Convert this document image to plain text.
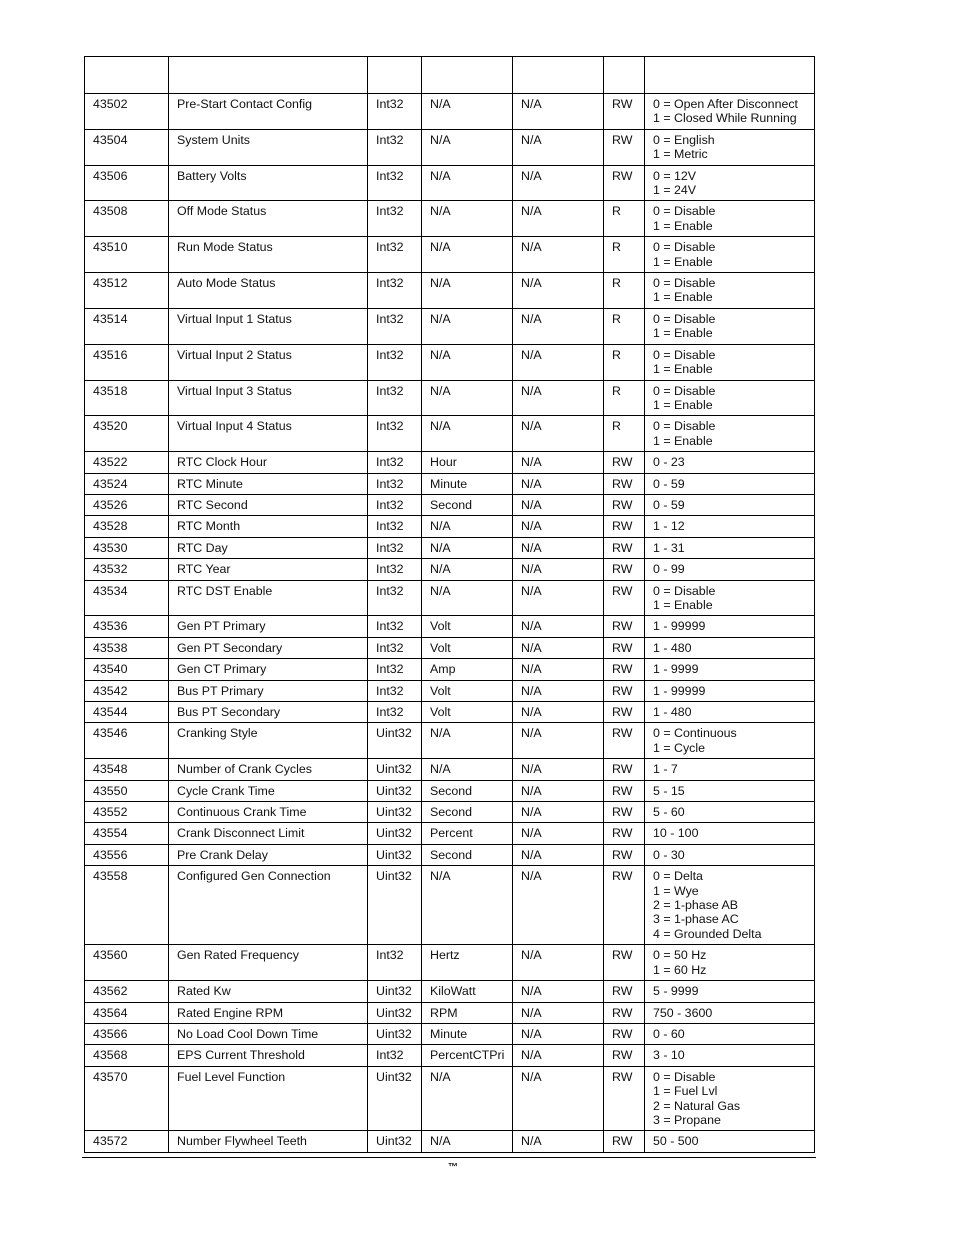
43502	Pre-Start Contact Config	Int32	N/A	N/A	RW	0 = Open After Disconnect
1 = Closed While Running
43504	System Units	Int32	N/A	N/A	RW	0 = English
1 = Metric
43506	Battery Volts	Int32	N/A	N/A	RW	0 = 12V
1 = 24V
43508	Off Mode Status	Int32	N/A	N/A	R	0 = Disable
1 = Enable
43510	Run Mode Status	Int32	N/A	N/A	R	0 = Disable
1 = Enable
43512	Auto Mode Status	Int32	N/A	N/A	R	0 = Disable
1 = Enable
43514	Virtual Input 1 Status	Int32	N/A	N/A	R	0 = Disable
1 = Enable
43516	Virtual Input 2 Status	Int32	N/A	N/A	R	0 = Disable
1 = Enable
43518	Virtual Input 3 Status	Int32	N/A	N/A	R	0 = Disable
1 = Enable
43520	Virtual Input 4 Status	Int32	N/A	N/A	R	0 = Disable
1 = Enable
43522	RTC Clock Hour	Int32	Hour	N/A	RW	0 - 23
43524	RTC Minute	Int32	Minute	N/A	RW	0 - 59
43526	RTC Second	Int32	Second	N/A	RW	0 - 59
43528	RTC Month	Int32	N/A	N/A	RW	1 - 12
43530	RTC Day	Int32	N/A	N/A	RW	1 - 31
43532	RTC Year	Int32	N/A	N/A	RW	0 - 99
43534	RTC DST Enable	Int32	N/A	N/A	RW	0 = Disable
1 = Enable
43536	Gen PT Primary	Int32	Volt	N/A	RW	1 - 99999
43538	Gen PT Secondary	Int32	Volt	N/A	RW	1 - 480
43540	Gen CT Primary	Int32	Amp	N/A	RW	1 - 9999
43542	Bus PT Primary	Int32	Volt	N/A	RW	1 - 99999
43544	Bus PT Secondary	Int32	Volt	N/A	RW	1 - 480
43546	Cranking Style	Uint32	N/A	N/A	RW	0 = Continuous
1 = Cycle
43548	Number of Crank Cycles	Uint32	N/A	N/A	RW	1 - 7
43550	Cycle Crank Time	Uint32	Second	N/A	RW	5 - 15
43552	Continuous Crank Time	Uint32	Second	N/A	RW	5 - 60
43554	Crank Disconnect Limit	Uint32	Percent	N/A	RW	10 - 100
43556	Pre Crank Delay	Uint32	Second	N/A	RW	0 - 30
43558	Configured Gen Connection	Uint32	N/A	N/A	RW	0 = Delta
1 = Wye
2 = 1-phase AB
3 = 1-phase AC
4 = Grounded Delta
43560	Gen Rated Frequency	Int32	Hertz	N/A	RW	0 = 50 Hz
1 = 60 Hz
43562	Rated Kw	Uint32	KiloWatt	N/A	RW	5 - 9999
43564	Rated Engine RPM	Uint32	RPM	N/A	RW	750 - 3600
43566	No Load Cool Down Time	Uint32	Minute	N/A	RW	0 - 60
43568	EPS Current Threshold	Int32	PercentCTPri	N/A	RW	3 - 10
43570	Fuel Level Function	Uint32	N/A	N/A	RW	0 = Disable
1 = Fuel Lvl
2 = Natural Gas
3 = Propane
43572	Number Flywheel Teeth	Uint32	N/A	N/A	RW	50 - 500
™
